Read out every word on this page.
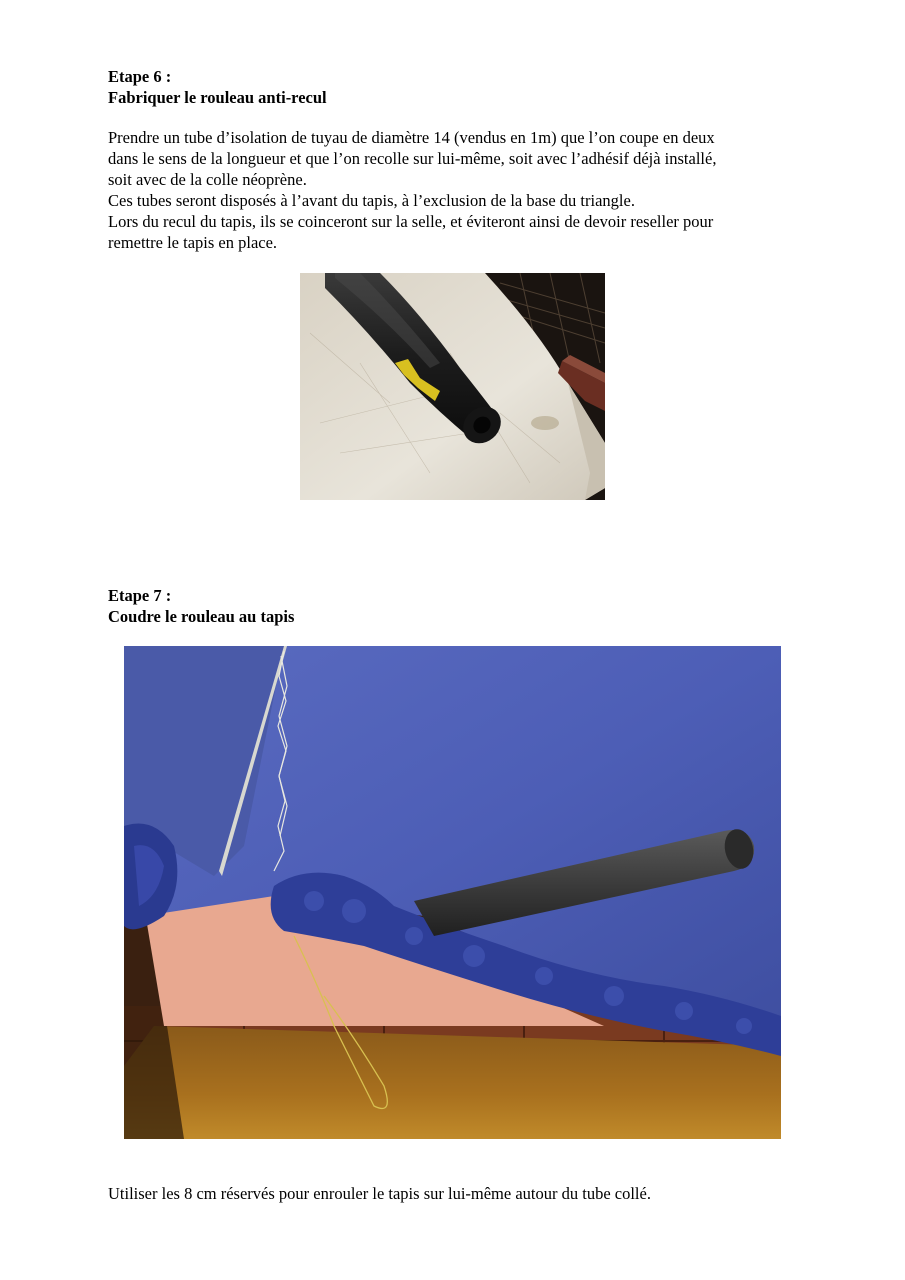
Etape 6 :
Fabriquer le rouleau anti-recul
Prendre un tube d’isolation de tuyau de diamètre 14 (vendus en 1m) que l’on coupe en deux
dans le sens de la longueur et que l’on recolle sur lui-même, soit avec l’adhésif déjà installé,
soit avec de la colle néoprène.
Ces tubes seront disposés à l’avant du tapis, à l’exclusion de la base du triangle.
Lors du recul du tapis, ils se coinceront sur la selle, et éviteront ainsi de devoir reseller pour
remettre le tapis en place.
Etape 7 :
Coudre le rouleau au tapis
Utiliser les 8 cm réservés pour enrouler le tapis sur lui-même autour du tube collé.
